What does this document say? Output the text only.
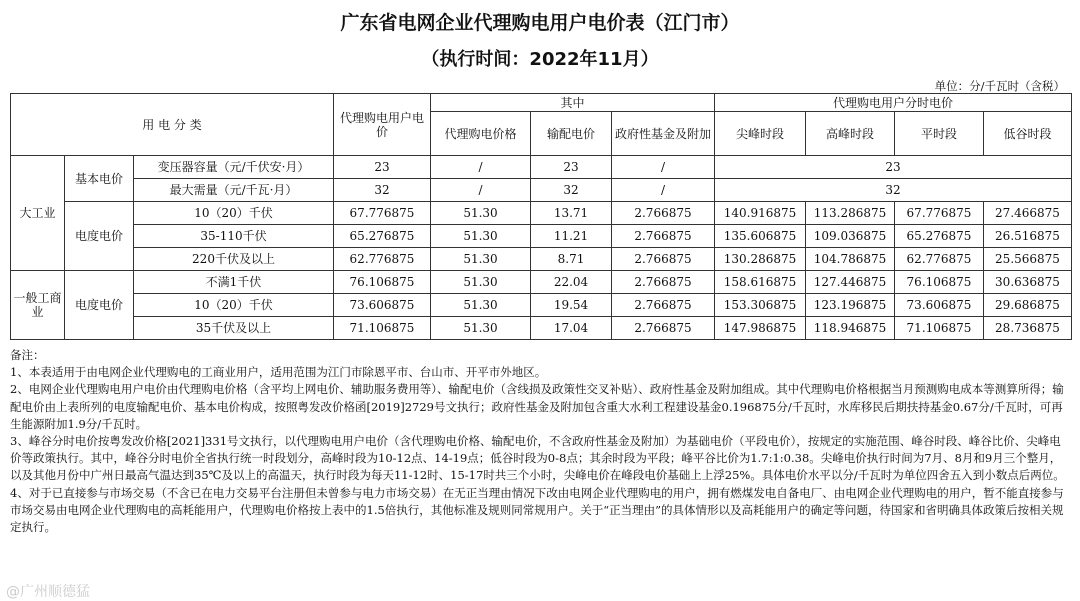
广东省电网企业代理购电用户电价表（江门市）
（执行时间：2022年11月）
单位：分/千瓦时（含税）
用 电 分 类			代理购电用户电价	其中			代理购电用户分时电价			
				代理购电价格	输配电价	政府性基金及附加	尖峰时段	高峰时段	平时段	低谷时段
大工业	基本电价	变压器容量（元/千伏安·月）	23	/	23	/	23			
		最大需量（元/千瓦·月）	32	/	32	/	32			
	电度电价	10（20）千伏	67.776875	51.30	13.71	2.766875	140.916875	113.286875	67.776875	27.466875
		35-110千伏	65.276875	51.30	11.21	2.766875	135.606875	109.036875	65.276875	26.516875
		220千伏及以上	62.776875	51.30	8.71	2.766875	130.286875	104.786875	62.776875	25.566875
一般工商业	电度电价	不满1千伏	76.106875	51.30	22.04	2.766875	158.616875	127.446875	76.106875	30.636875
		10（20）千伏	73.606875	51.30	19.54	2.766875	153.306875	123.196875	73.606875	29.686875
		35千伏及以上	71.106875	51.30	17.04	2.766875	147.986875	118.946875	71.106875	28.736875

备注：

1、本表适用于由电网企业代理购电的工商业用户，适用范围为江门市除恩平市、台山市、开平市外地区。

2、电网企业代理购电用户电价由代理购电价格（含平均上网电价、辅助服务费用等）、输配电价（含线损及政策性交叉补贴）、政府性基金及附加组成。其中代理购电价格根据当月预测购电成本等测算所得；输配电价由上表所列的电度输配电价、基本电价构成，按照粤发改价格函[2019]2729号文执行；政府性基金及附加包含重大水利工程建设基金0.196875分/千瓦时，水库移民后期扶持基金0.67分/千瓦时，可再生能源附加1.9分/千瓦时。

3、峰谷分时电价按粤发改价格[2021]331号文执行，以代理购电用户电价（含代理购电价格、输配电价，不含政府性基金及附加）为基础电价（平段电价），按规定的实施范围、峰谷时段、峰谷比价、尖峰电价等政策执行。其中，峰谷分时电价全省执行统一时段划分，高峰时段为10-12点、14-19点；低谷时段为0-8点；其余时段为平段；峰平谷比价为1.7:1:0.38。尖峰电价执行时间为7月、8月和9月三个整月，以及其他月份中广州日最高气温达到35℃及以上的高温天，执行时段为每天11-12时、15-17时共三个小时，尖峰电价在峰段电价基础上上浮25%。具体电价水平以分/千瓦时为单位四舍五入到小数点后两位。

4、对于已直接参与市场交易（不含已在电力交易平台注册但未曾参与电力市场交易）在无正当理由情况下改由电网企业代理购电的用户，拥有燃煤发电自备电厂、由电网企业代理购电的用户，暂不能直接参与市场交易由电网企业代理购电的高耗能用户，代理购电价格按上表中的1.5倍执行，其他标准及规则同常规用户。关于“正当理由”的具体情形以及高耗能用户的确定等问题，待国家和省明确具体政策后按相关规定执行。

@广州顺德猛
